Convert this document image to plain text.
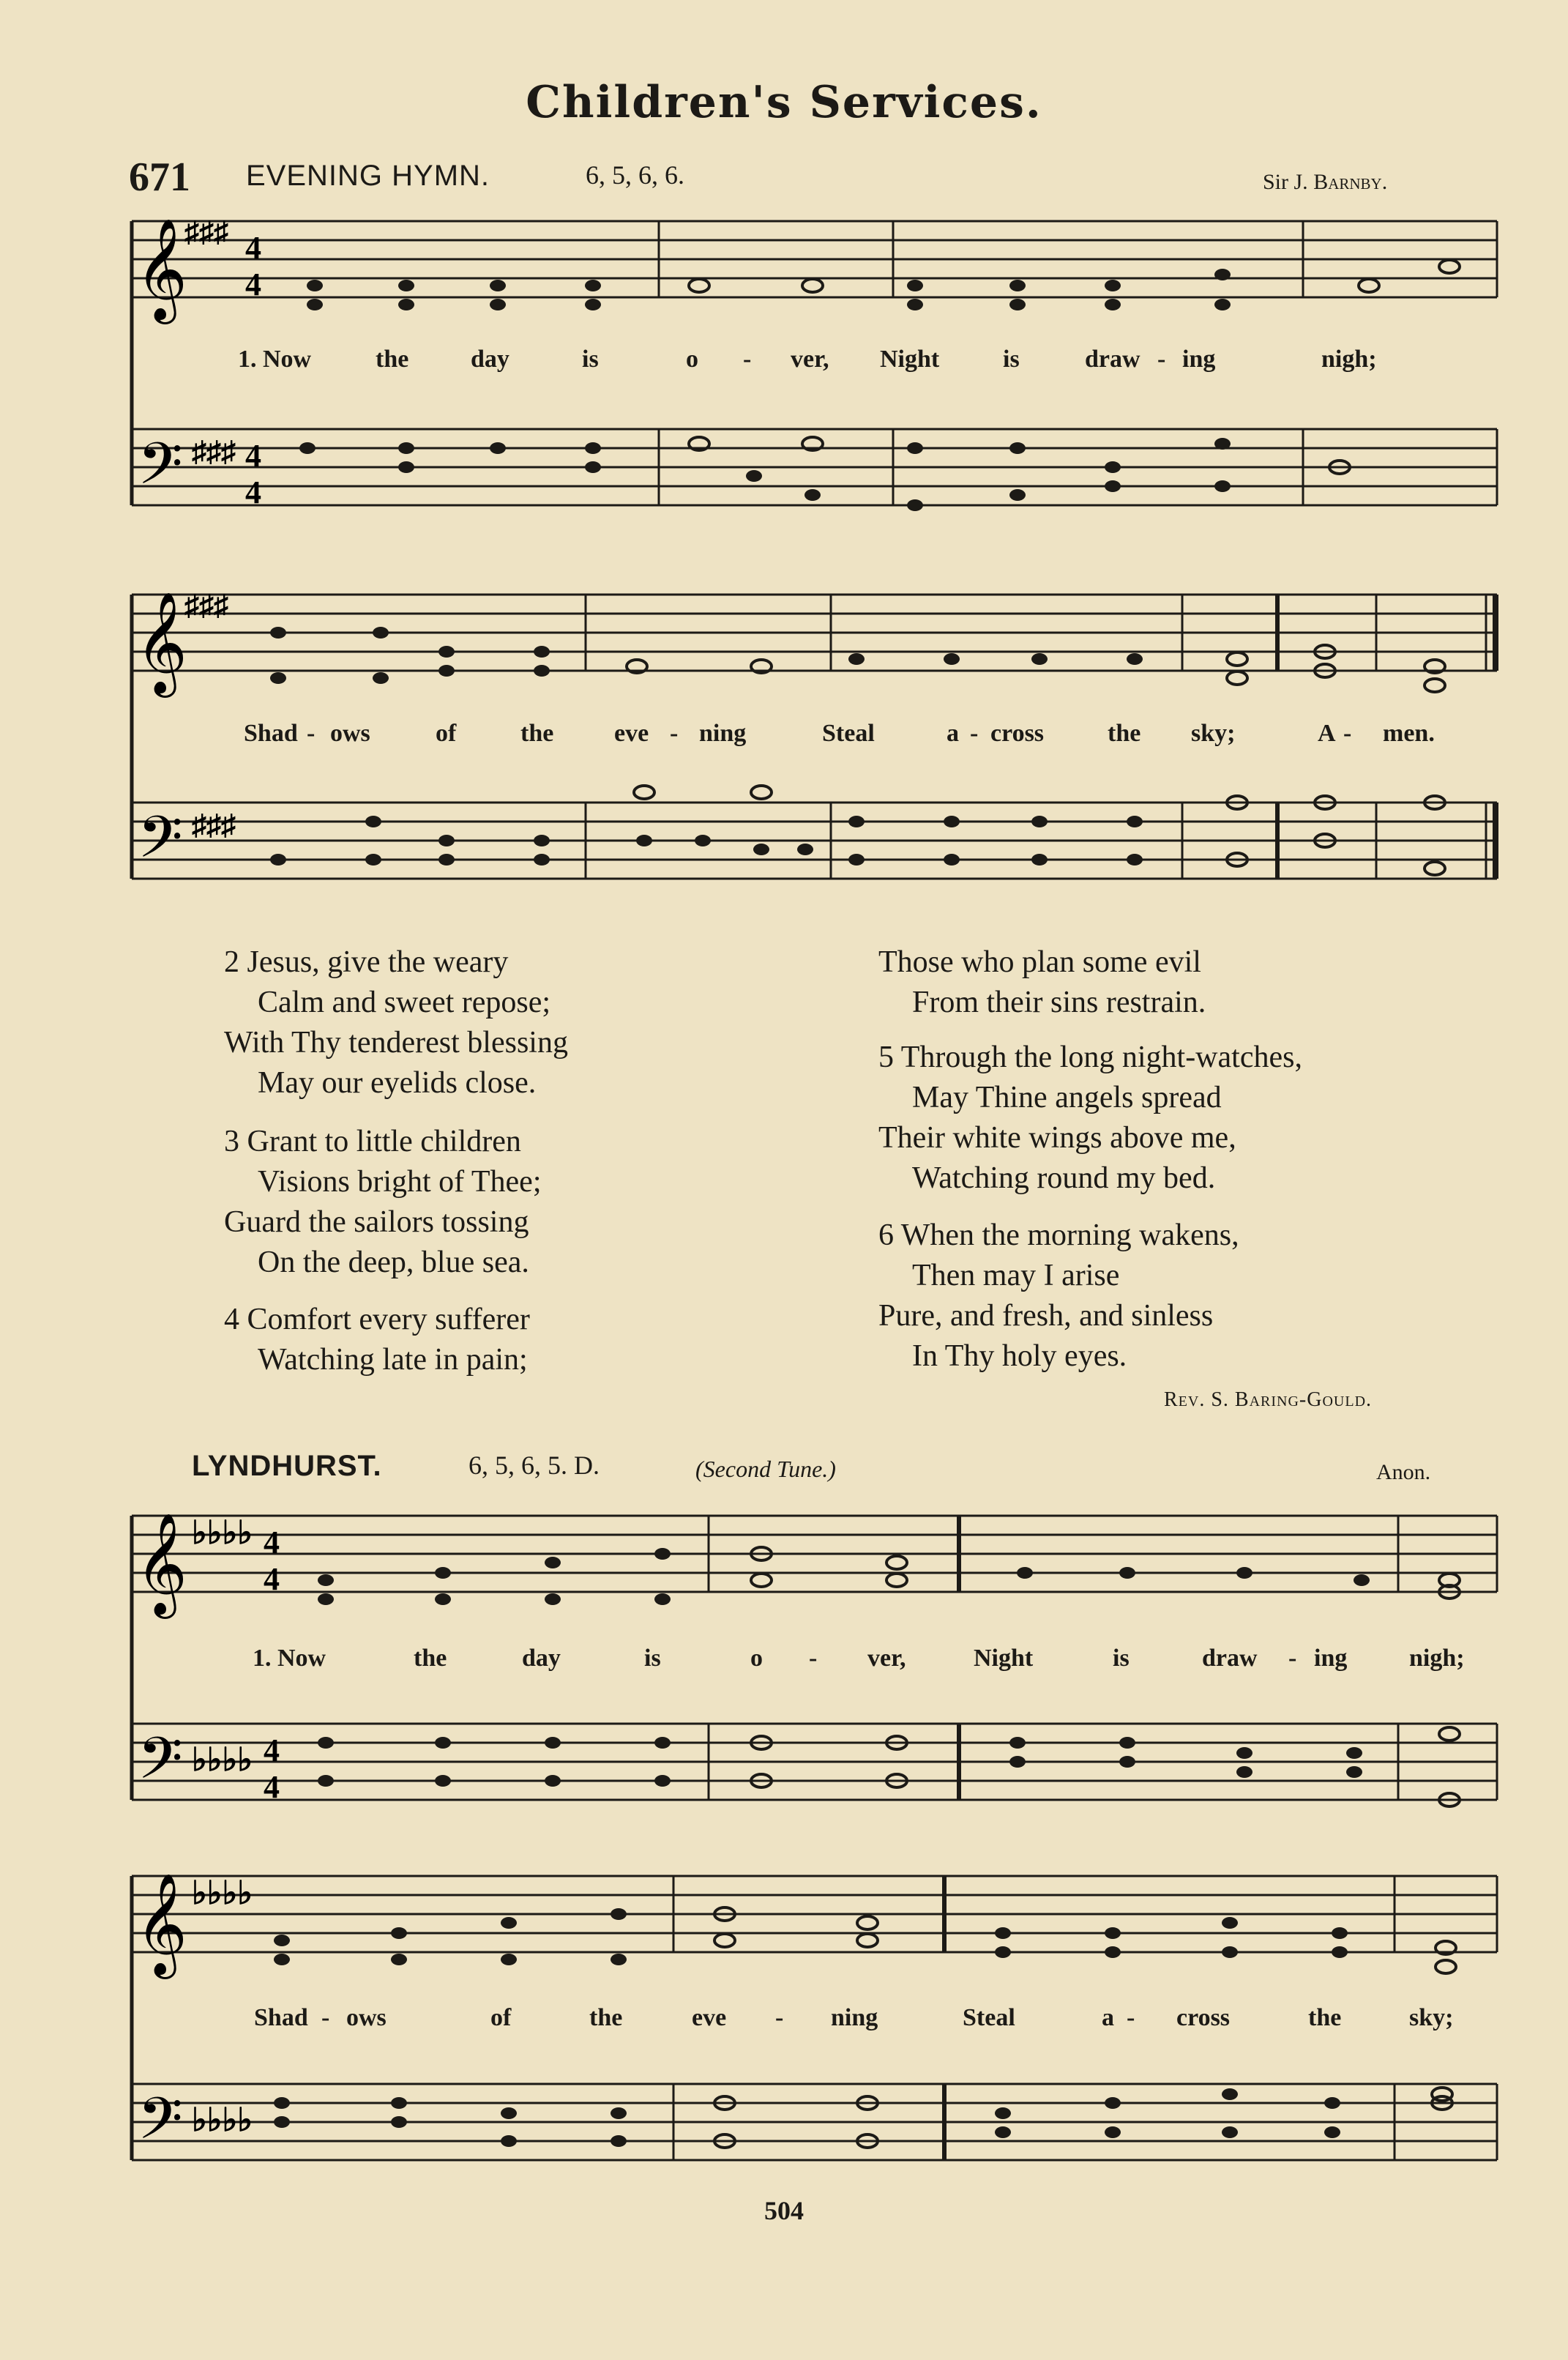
Children's Services.
671 EVENING HYMN.	6, 5, 6, 6.	Sir J. Barnby.
𝄞
𝄢
♯♯♯
♯♯♯
4
4
4
4
1. Now	the day	is	o - ver, Night	is	draw - ing	nigh;
𝄞
𝄢
♯♯♯
♯♯♯
Shad - ows	of	the eve - ning	Steal	a - cross	the sky;	A - men.
2 Jesus, give the weary
Calm and sweet repose;
With Thy tenderest blessing
May our eyelids close.
3 Grant to little children
Visions bright of Thee;
Guard the sailors tossing
On the deep, blue sea.
4 Comfort every sufferer
Watching late in pain;
Those who plan some evil
From their sins restrain.
5 Through the long night-watches,
May Thine angels spread
Their white wings above me,
Watching round my bed.
6 When the morning wakens,
Then may I arise
Pure, and fresh, and sinless
In Thy holy eyes.
Rev. S. Baring-Gould.
LYNDHURST.	6, 5, 6, 5. D.	(Second Tune.)	Anon.
𝄞
𝄢
♭♭♭♭
♭♭♭♭
4
4
4
4
1. Now	the	day	is	o - ver,	Night	is	draw - ing nigh;
𝄞
𝄢
♭♭♭♭
♭♭♭♭
Shad - ows	of	the	eve - ning	Steal	a - cross	the	sky;
504
